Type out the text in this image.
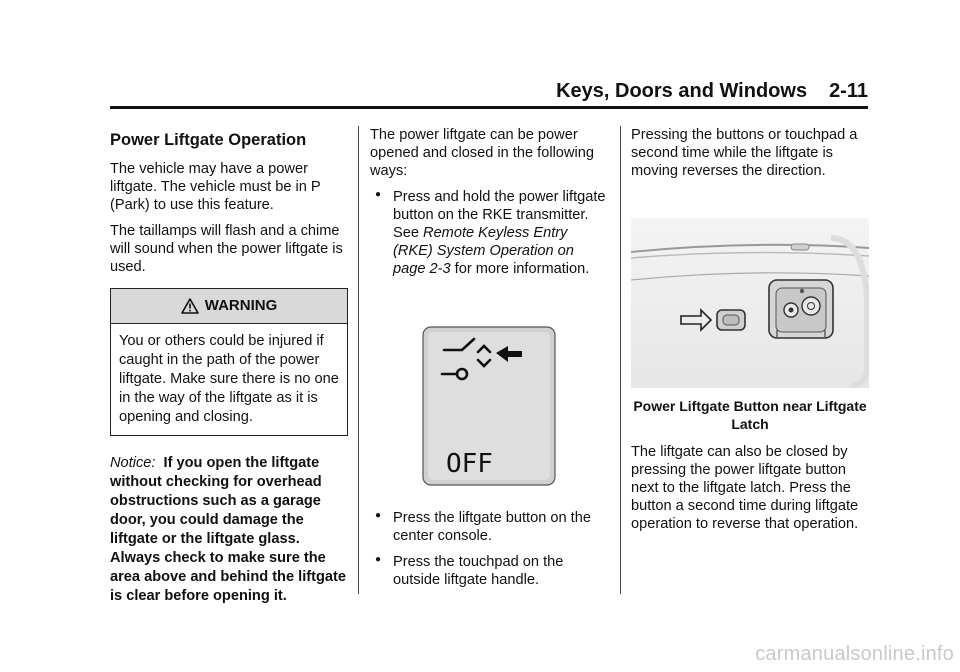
Keys, Doors and Windows 2-11
Power Liftgate Operation

The vehicle may have a power liftgate. The vehicle must be in P (Park) to use this feature.

The taillamps will flash and a chime will sound when the power liftgate is used.

WARNING
You or others could be injured if caught in the path of the power liftgate. Make sure there is no one in the way of the liftgate as it is opening and closing.

Notice: If you open the liftgate without checking for overhead obstructions such as a garage door, you could damage the liftgate or the liftgate glass. Always check to make sure the area above and behind the liftgate is clear before opening it.

The power liftgate can be power opened and closed in the following ways:

● Press and hold the power liftgate button on the RKE transmitter. See Remote Keyless Entry (RKE) System Operation on page 2-3 for more information.
OFF
● Press the liftgate button on the center console.
● Press the touchpad on the outside liftgate handle.

Pressing the buttons or touchpad a second time while the liftgate is moving reverses the direction.

Power Liftgate Button near Liftgate Latch

The liftgate can also be closed by pressing the power liftgate button next to the liftgate latch. Press the button a second time during liftgate operation to reverse that operation.

carmanualsonline.info
